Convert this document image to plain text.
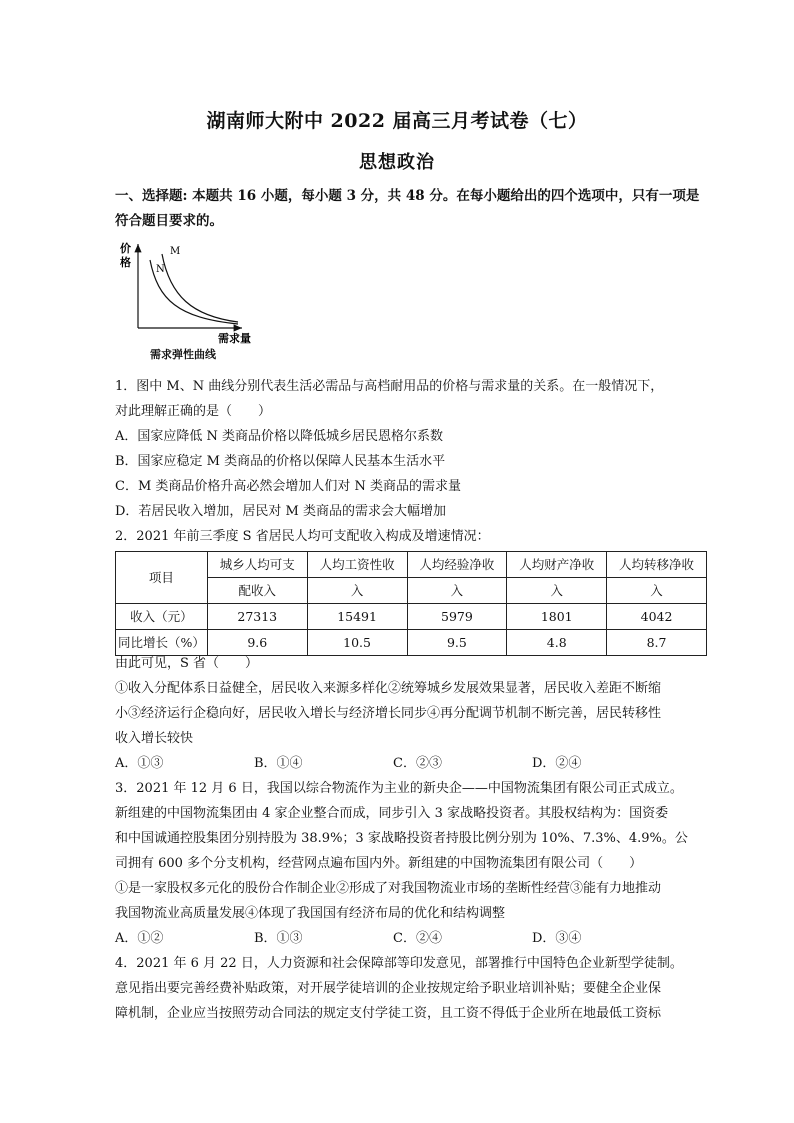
湖南师大附中 2022 届高三月考试卷（七）
思想政治
一、选择题: 本题共 16 小题，每小题 3 分，共 48 分。在每小题给出的四个选项中，只有一项是
符合题目要求的。
价
格
M
N
需求量
需求弹性曲线
1．图中 M、N 曲线分别代表生活必需品与高档耐用品的价格与需求量的关系。在一般情况下，
对此理解正确的是（　　）
A．国家应降低 N 类商品价格以降低城乡居民恩格尔系数
B．国家应稳定 M 类商品的价格以保障人民基本生活水平
C．M 类商品价格升高必然会增加人们对 N 类商品的需求量
D．若居民收入增加，居民对 M 类商品的需求会大幅增加
2．2021 年前三季度 S 省居民人均可支配收入构成及增速情况：
项目	城乡人均可支	人均工资性收	人均经验净收	人均财产净收	人均转移净收
	配收入	入	入	入	入
收入（元）	27313	15491	5979	1801	4042
同比增长（%）	9.6	10.5	9.5	4.8	8.7
由此可见，S 省（　　）
①收入分配体系日益健全，居民收入来源多样化②统筹城乡发展效果显著，居民收入差距不断缩
小③经济运行企稳向好，居民收入增长与经济增长同步④再分配调节机制不断完善，居民转移性
收入增长较快
A．①③	B．①④	C．②③	D．②④
3．2021 年 12 月 6 日，我国以综合物流作为主业的新央企——中国物流集团有限公司正式成立。
新组建的中国物流集团由 4 家企业整合而成，同步引入 3 家战略投资者。其股权结构为：国资委
和中国诚通控股集团分别持股为 38.9%；3 家战略投资者持股比例分别为 10%、7.3%、4.9%。公
司拥有 600 多个分支机构，经营网点遍布国内外。新组建的中国物流集团有限公司（　　）
①是一家股权多元化的股份合作制企业②形成了对我国物流业市场的垄断性经营③能有力地推动
我国物流业高质量发展④体现了我国国有经济布局的优化和结构调整
A．①②	B．①③	C．②④	D．③④
4．2021 年 6 月 22 日，人力资源和社会保障部等印发意见，部署推行中国特色企业新型学徒制。
意见指出要完善经费补贴政策，对开展学徒培训的企业按规定给予职业培训补贴；要健全企业保
障机制，企业应当按照劳动合同法的规定支付学徒工资，且工资不得低于企业所在地最低工资标
